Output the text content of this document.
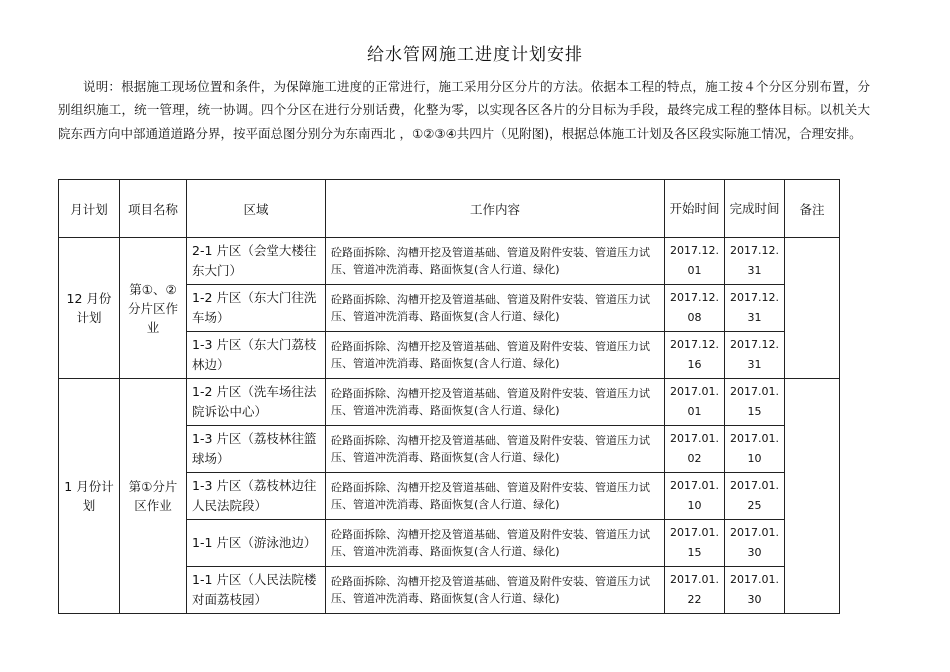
给水管网施工进度计划安排

说明：根据施工现场位置和条件，为保障施工进度的正常进行，施工采用分区分片的方法。依据本工程的特点，施工按４个分区分别布置，分别组织施工，统一管理，统一协调。四个分区在进行分别话费，化整为零，以实现各区各片的分目标为手段，最终完成工程的整体目标。以机关大院东西方向中部通道道路分界，按平面总图分别分为东南西北 ，①②③④共四片（见附图)，根据总体施工计划及各区段实际施工情况，合理安排。

月计划	项目名称	区域	工作内容	开始时间	完成时间	备注
12 月份计划	第①、②分片区作业	2-1 片区（会堂大楼往东大门）	砼路面拆除、沟槽开挖及管道基础、管道及附件安装、管道压力试压、管道冲洗消毒、路面恢复(含人行道、绿化)	2017.12.01	2017.12.31	
		1-2 片区（东大门往洗车场）	砼路面拆除、沟槽开挖及管道基础、管道及附件安装、管道压力试压、管道冲洗消毒、路面恢复(含人行道、绿化)	2017.12.08	2017.12.31	
		1-3 片区（东大门荔枝林边）	砼路面拆除、沟槽开挖及管道基础、管道及附件安装、管道压力试压、管道冲洗消毒、路面恢复(含人行道、绿化)	2017.12.16	2017.12.31	
1 月份计划	第①分片区作业	1-2 片区（洗车场往法院诉讼中心）	砼路面拆除、沟槽开挖及管道基础、管道及附件安装、管道压力试压、管道冲洗消毒、路面恢复(含人行道、绿化)	2017.01.01	2017.01.15	
		1-3 片区（荔枝林往篮球场）	砼路面拆除、沟槽开挖及管道基础、管道及附件安装、管道压力试压、管道冲洗消毒、路面恢复(含人行道、绿化)	2017.01.02	2017.01.10	
		1-3 片区（荔枝林边往人民法院段）	砼路面拆除、沟槽开挖及管道基础、管道及附件安装、管道压力试压、管道冲洗消毒、路面恢复(含人行道、绿化)	2017.01.10	2017.01.25	
		1-1 片区（游泳池边）	砼路面拆除、沟槽开挖及管道基础、管道及附件安装、管道压力试压、管道冲洗消毒、路面恢复(含人行道、绿化)	2017.01.15	2017.01.30	
		1-1 片区（人民法院楼对面荔枝园）	砼路面拆除、沟槽开挖及管道基础、管道及附件安装、管道压力试压、管道冲洗消毒、路面恢复(含人行道、绿化)	2017.01.22	2017.01.30	
